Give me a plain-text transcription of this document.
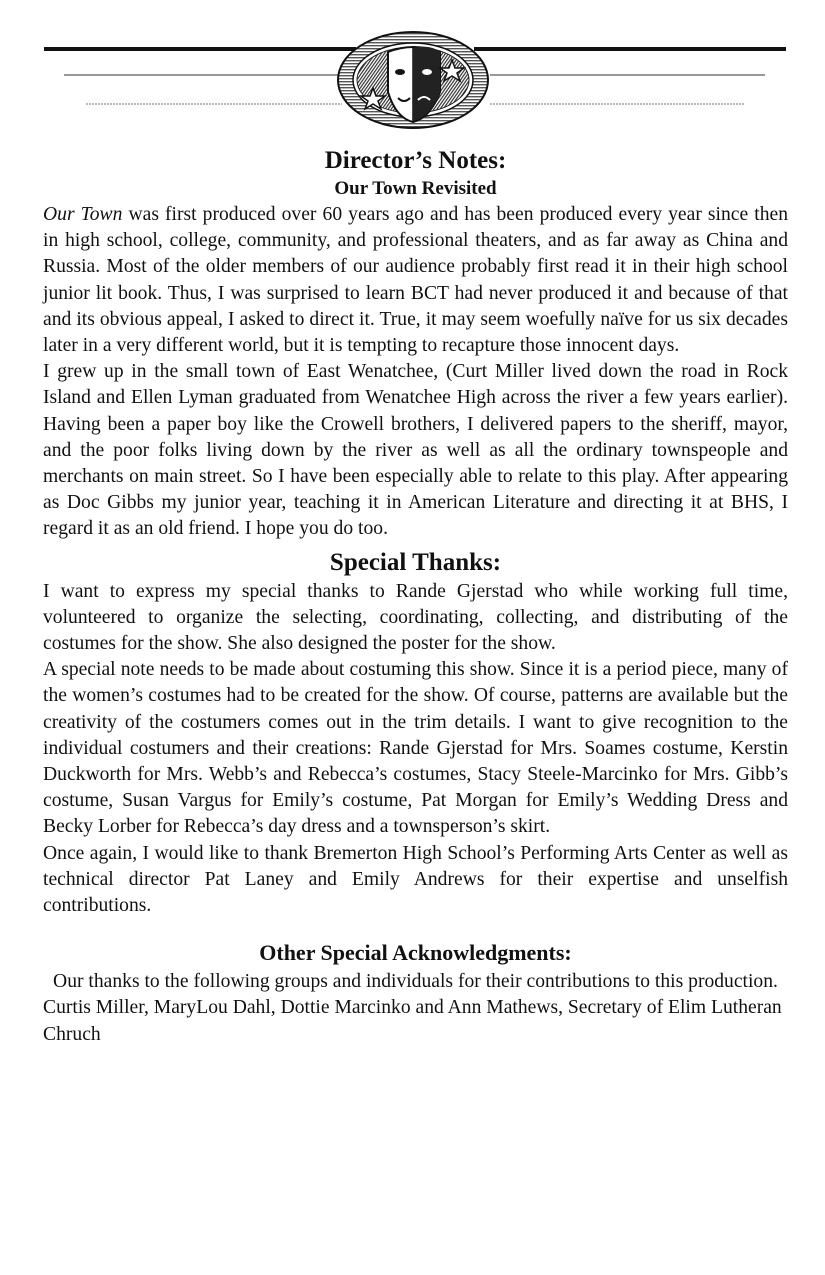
Director’s Notes:
Our Town Revisited

Our Town was first produced over 60 years ago and has been produced every year since then in high school, college, community, and professional theaters, and as far away as China and Russia. Most of the older members of our audience probably first read it in their high school junior lit book. Thus, I was surprised to learn BCT had never produced it and because of that and its obvious appeal, I asked to direct it. True, it may seem woefully naïve for us six decades later in a very different world, but it is tempting to recapture those innocent days.

I grew up in the small town of East Wenatchee, (Curt Miller lived down the road in Rock Island and Ellen Lyman graduated from Wenatchee High across the river a few years earlier). Having been a paper boy like the Crowell brothers, I delivered papers to the sheriff, mayor, and the poor folks living down by the river as well as all the ordinary townspeople and merchants on main street. So I have been especially able to relate to this play. After appearing as Doc Gibbs my junior year, teaching it in American Literature and directing it at BHS, I regard it as an old friend. I hope you do too.

Special Thanks:

I want to express my special thanks to Rande Gjerstad who while working full time, volunteered to organize the selecting, coordinating, collecting, and distributing of the costumes for the show. She also designed the poster for the show.

A special note needs to be made about costuming this show. Since it is a period piece, many of the women’s costumes had to be created for the show. Of course, patterns are available but the creativity of the costumers comes out in the trim details. I want to give recognition to the individual costumers and their creations: Rande Gjerstad for Mrs. Soames costume, Kerstin Duckworth for Mrs. Webb’s and Rebecca’s costumes, Stacy Steele-Marcinko for Mrs. Gibb’s costume, Susan Vargus for Emily’s costume, Pat Morgan for Emily’s Wedding Dress and Becky Lorber for Rebecca’s day dress and a townsperson’s skirt.

Once again, I would like to thank Bremerton High School’s Performing Arts Center as well as technical director Pat Laney and Emily Andrews for their expertise and unselfish contributions.

Other Special Acknowledgments:

Our thanks to the following groups and individuals for their contributions to this production.

Curtis Miller, MaryLou Dahl, Dottie Marcinko and Ann Mathews, Secretary of Elim Lutheran Chruch
